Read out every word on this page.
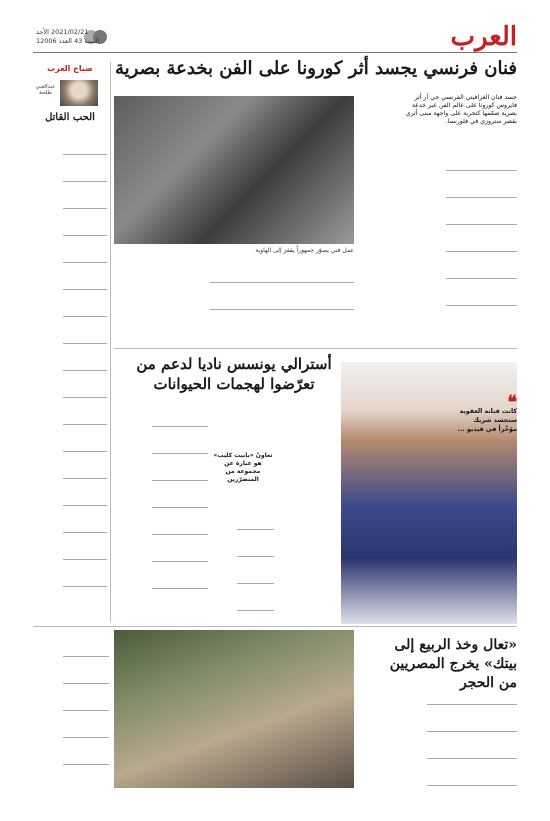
العرب
2021/02/21 الأحد
السنة 43 العدد 12006
صباح العرب
عبدالغني طلحة
الحب القاتل
فنان فرنسي يجسد أثر كورونا على الفن بخدعة بصرية
جسد فنان الغرافيتي الفرنسي جي آر أثر فايروس كورونا على عالم الفن عبر خدعة بصرية صمّمها كتجربة على واجهة مبنى أثري بقصر ستروزي في فلورنسا.
عمل فني يصوّر جمهوراً يقفز إلى الهاوية
أسترالي يونسس ناديا لدعم من تعرّضوا لهجمات الحيوانات
❝
كانت فنانة العقوبة ستجسد شريك مؤخّراً في فيديو ...
تعاونّ «بابيت كليب» هو عبارة عن مجموعة من المتضرّرين
«تعال وخذ الربيع إلى بيتك» يخرج المصريين من الحجر
